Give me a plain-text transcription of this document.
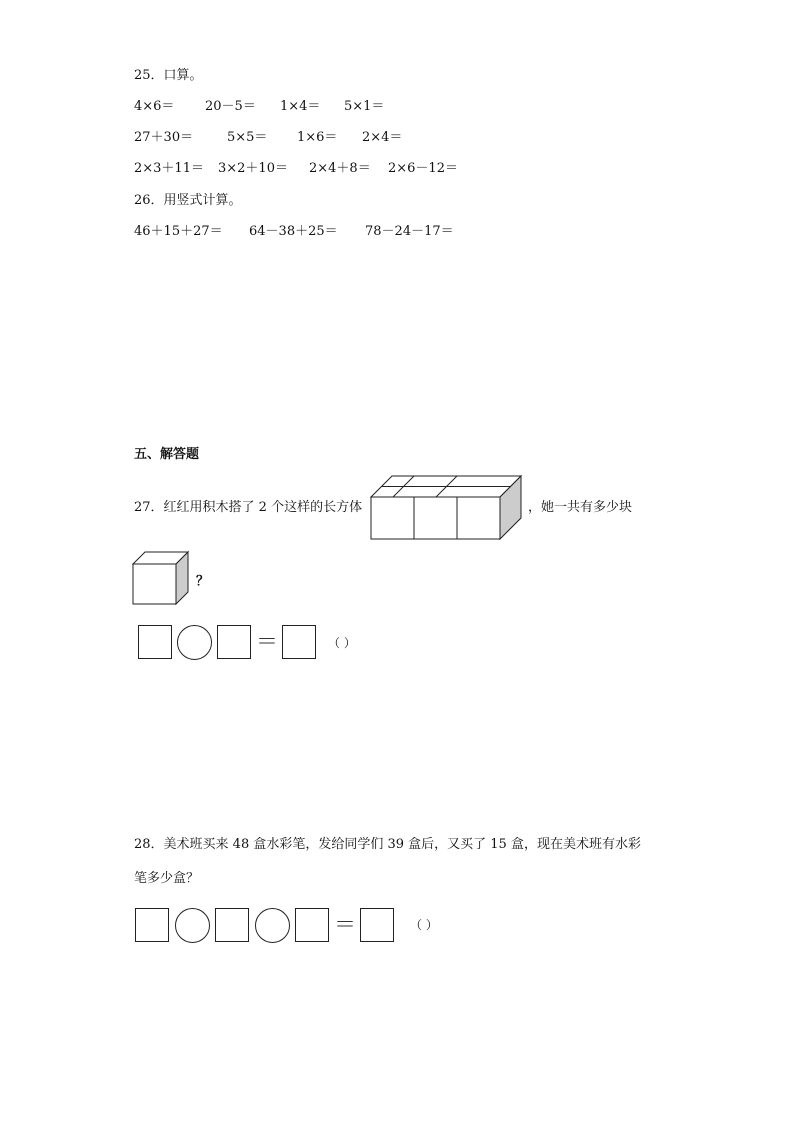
25．口算。
4×6＝ 20－5＝ 1×4＝ 5×1＝
27＋30＝	5×5＝ 1×6＝ 2×4＝
2×3＋11＝ 3×2＋10＝ 2×4＋8＝ 2×6－12＝
26．用竖式计算。
46＋15＋27＝ 64－38＋25＝ 78－24－17＝
五、解答题
27．红红用积木搭了 2 个这样的长方体	，她一共有多少块
？
＝	（ ）
28．美术班买来 48 盒水彩笔，发给同学们 39 盒后，又买了 15 盒，现在美术班有水彩
笔多少盒？
＝	（ ）
